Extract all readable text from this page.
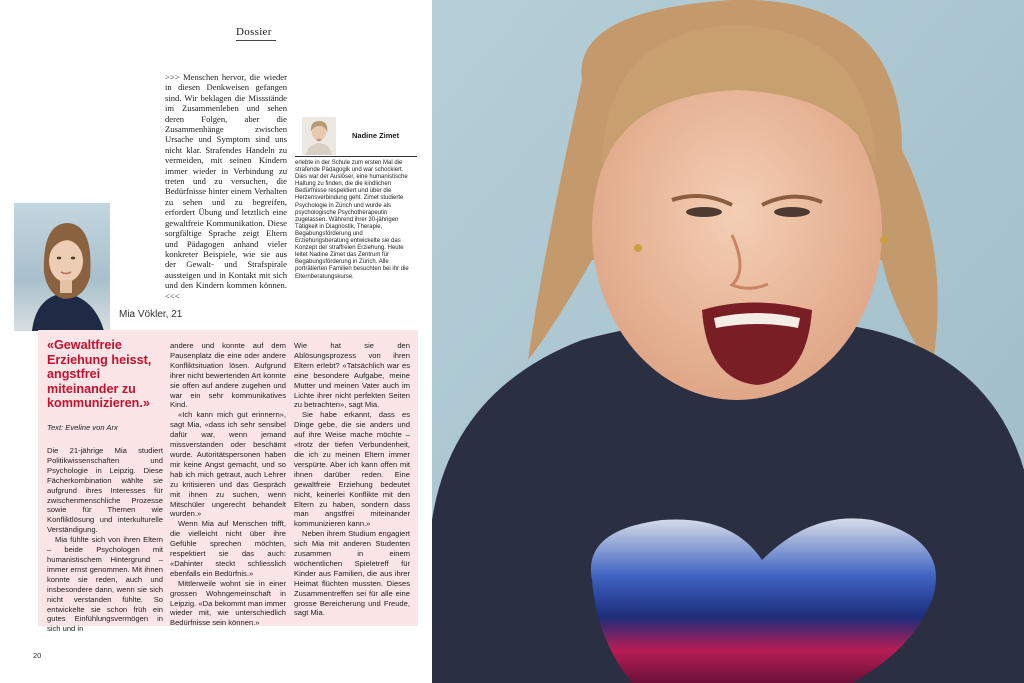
Dossier
>>> Menschen hervor, die wieder in diesen Denkweisen gefangen sind. Wir beklagen die Missstände im Zusammenleben und sehen deren Folgen, aber die Zusammenhänge zwischen Ursache und Symptom sind uns nicht klar. Strafendes Handeln zu vermeiden, mit seinen Kindern immer wieder in Verbindung zu treten und zu versuchen, die Bedürfnisse hinter einem Verhalten zu sehen und zu begreifen, erfordert Übung und letztlich eine gewaltfreie Kommunikation. Diese sorgfältige Sprache zeigt Eltern und Pädagogen anhand vieler konkreter Beispiele, wie sie aus der Gewalt- und Strafspirale aussteigen und in Kontakt mit sich und den Kindern kommen können. <<<
Nadine Zimet
erlebte in der Schule zum ersten Mal die strafende Pädagogik und war schockiert. Dies war der Auslöser, eine humanistische Haltung zu finden, die die kindlichen Bedürfnisse respektiert und über die Herzensverbindung geht. Zimet studierte Psychologie in Zürich und wurde als psychologische Psychotherapeutin zugelassen. Während ihrer 30-jährigen Tätigkeit in Diagnostik, Therapie, Begabungsförderung und Erziehungsberatung entwickelte sie das Konzept der straffreien Erziehung. Heute leitet Nadine Zimet das Zentrum für Begabungsförderung in Zürich. Alle porträtierten Familien besuchten bei ihr die Elternberatungskurse.
Mia Vökler, 21
«Gewaltfreie Erziehung heisst, angstfrei miteinander zu kommunizieren.»
Text: Eveline von Arx

Die 21-jährige Mia studiert Politikwissenschaften und Psychologie in Leipzig. Diese Fächerkombination wählte sie aufgrund ihres Interesses für zwischenmenschliche Prozesse sowie für Themen wie Konfliktlösung und interkulturelle Verständigung.

Mia fühlte sich von ihren Eltern – beide Psychologen mit humanistischem Hintergrund – immer ernst genommen. Mit ihnen konnte sie reden, auch und insbesondere dann, wenn sie sich nicht verstanden fühlte. So entwickelte sie schon früh ein gutes Einfühlungsvermögen in sich und in

andere und konnte auf dem Pausenplatz die eine oder andere Konfliktsituation lösen. Aufgrund ihrer nicht bewertenden Art konnte sie offen auf andere zugehen und war ein sehr kommunikatives Kind.

«Ich kann mich gut erinnern», sagt Mia, «dass ich sehr sensibel dafür war, wenn jemand missverstanden oder beschämt wurde. Autoritätspersonen haben mir keine Angst gemacht, und so hab ich mich getraut, auch Lehrer zu kritisieren und das Gespräch mit ihnen zu suchen, wenn Mitschüler ungerecht behandelt wurden.»

Wenn Mia auf Menschen trifft, die vielleicht nicht über ihre Gefühle sprechen möchten, respektiert sie das auch: «Dahinter steckt schliesslich ebenfalls ein Bedürfnis.»

Mittlerweile wohnt sie in einer grossen Wohngemeinschaft in Leipzig. «Da bekommt man immer wieder mit, wie unterschiedlich Bedürfnisse sein können.»

Wie hat sie den Ablösungsprozess von ihren Eltern erlebt? «Tatsächlich war es eine besondere Aufgabe, meine Mutter und meinen Vater auch im Lichte ihrer nicht perfekten Seiten zu betrachten», sagt Mia.

Sie habe erkannt, dass es Dinge gebe, die sie anders und auf ihre Weise mache möchte – «trotz der tiefen Verbundenheit, die ich zu meinen Eltern immer verspürte. Aber ich kann offen mit ihnen darüber reden. Eine gewaltfreie Erziehung bedeutet nicht, keinerlei Konflikte mit den Eltern zu haben, sondern dass man angstfrei miteinander kommunizieren kann.»

Neben ihrem Studium engagiert sich Mia mit anderen Studenten zusammen in einem wöchentlichen Spieletreff für Kinder aus Familien, die aus ihrer Heimat flüchten mussten. Dieses Zusammentreffen sei für alle eine grosse Bereicherung und Freude, sagt Mia.

20
